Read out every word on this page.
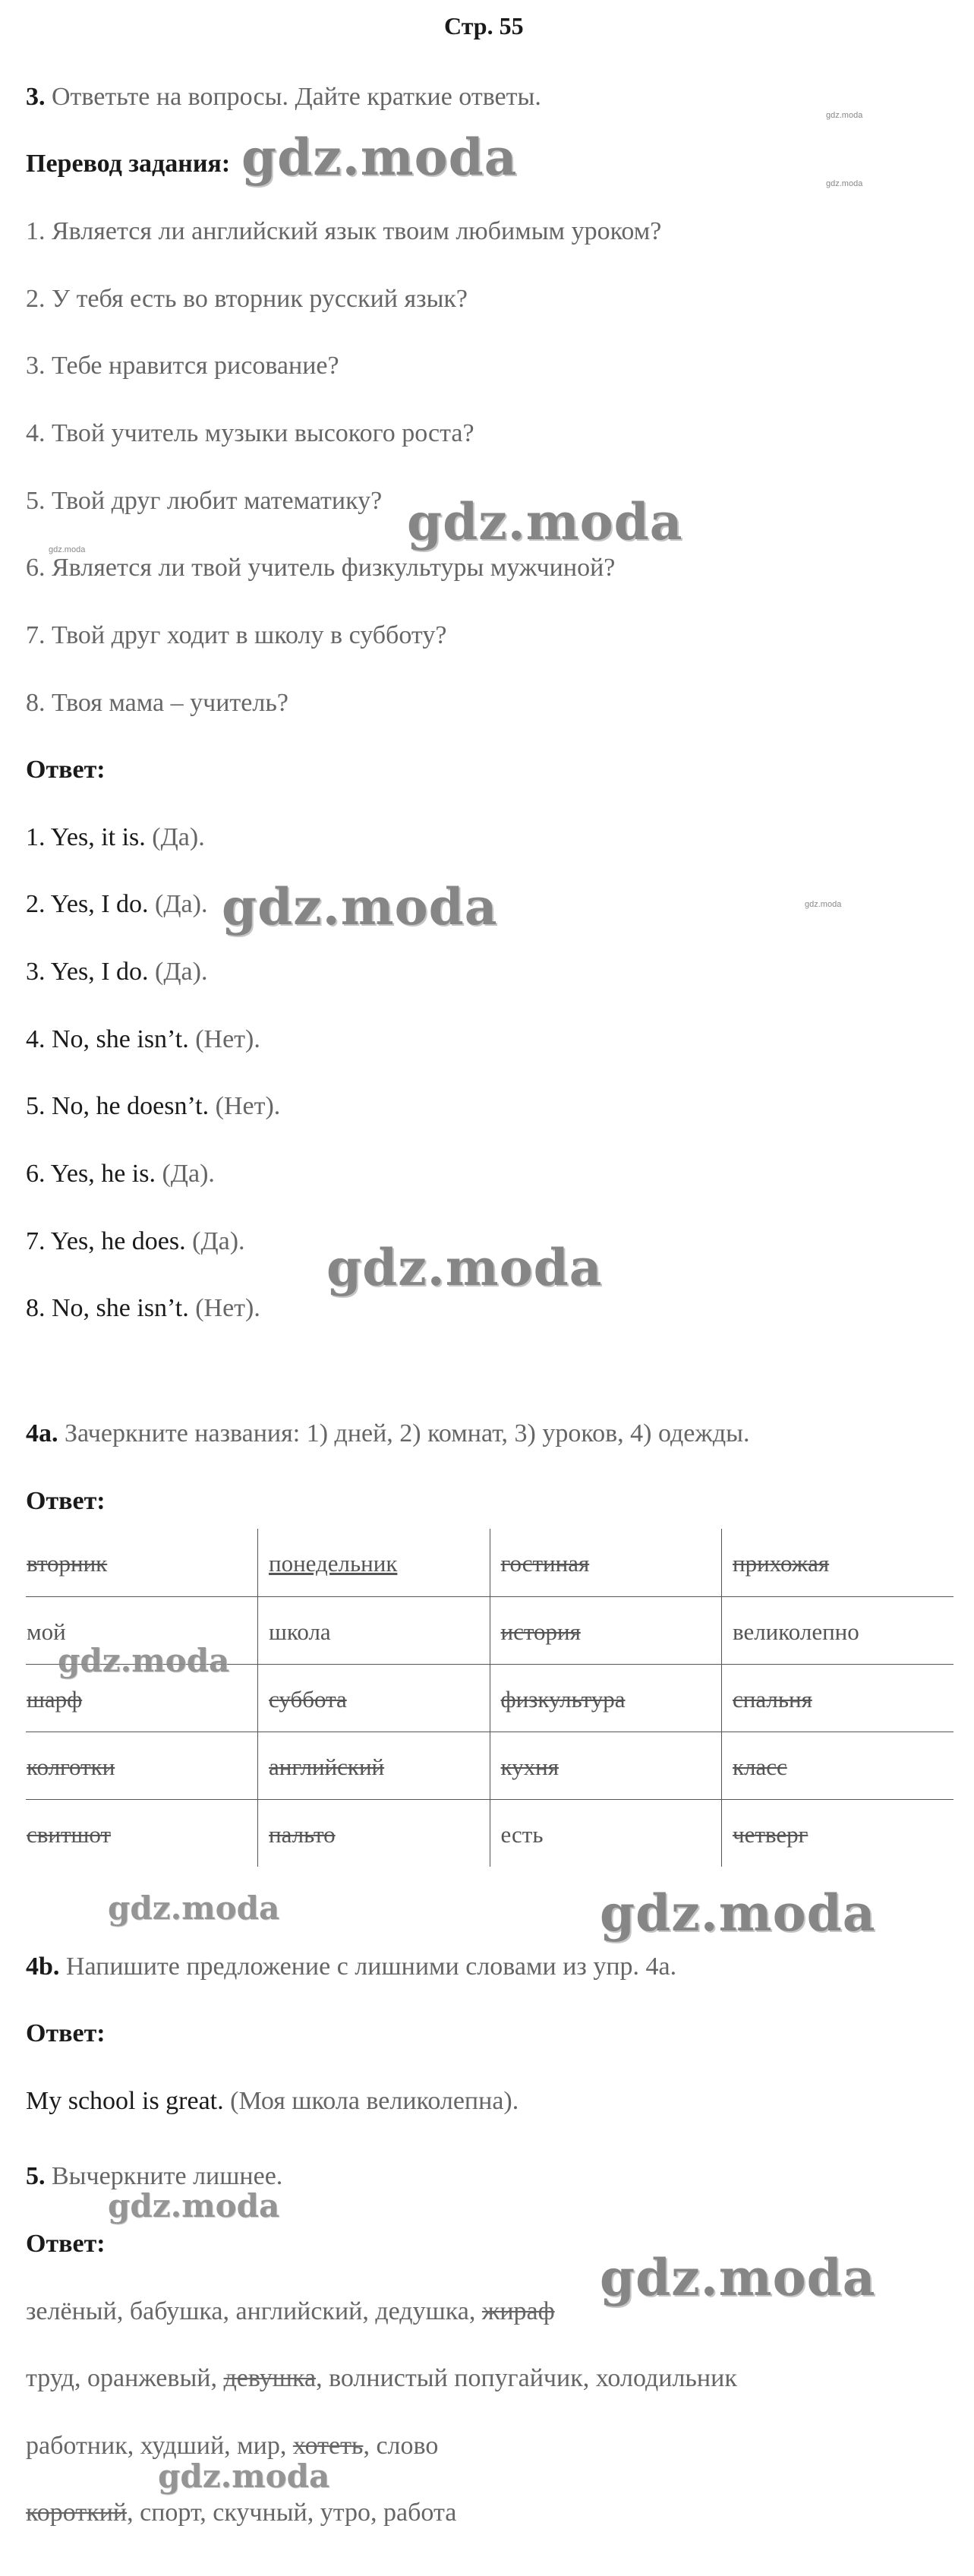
Стр. 55
3. Ответьте на вопросы. Дайте краткие ответы.
Перевод задания:
1. Является ли английский язык твоим любимым уроком?
2. У тебя есть во вторник русский язык?
3. Тебе нравится рисование?
4. Твой учитель музыки высокого роста?
5. Твой друг любит математику?
6. Является ли твой учитель физкультуры мужчиной?
7. Твой друг ходит в школу в субботу?
8. Твоя мама – учитель?
Ответ:
1. Yes, it is. (Да).
2. Yes, I do. (Да).
3. Yes, I do. (Да).
4. No, she isn’t. (Нет).
5. No, he doesn’t. (Нет).
6. Yes, he is. (Да).
7. Yes, he does. (Да).
8. No, she isn’t. (Нет).
4a. Зачеркните названия: 1) дней, 2) комнат, 3) уроков, 4) одежды.
Ответ:
вторник	понедельник	гостиная	прихожая
мой	школа	история	великолепно
шарф	суббота	физкультура	спальня
колготки	английский	кухня	класс
свитшот	пальто	есть	четверг
4b. Напишите предложение с лишними словами из упр. 4а.
Ответ:
My school is great. (Моя школа великолепна).
5. Вычеркните лишнее.
Ответ:
зелёный, бабушка, английский, дедушка, жираф
труд, оранжевый, девушка, волнистый попугайчик, холодильник
работник, худший, мир, хотеть, слово
короткий, спорт, скучный, утро, работа
gdz.moda
gdz.moda
gdz.moda
gdz.moda
gdz.moda
gdz.moda	gdz.moda
gdz.moda
gdz.moda
gdz.moda
gdz.moda
gdz.moda
gdz.moda
gdz.moda
